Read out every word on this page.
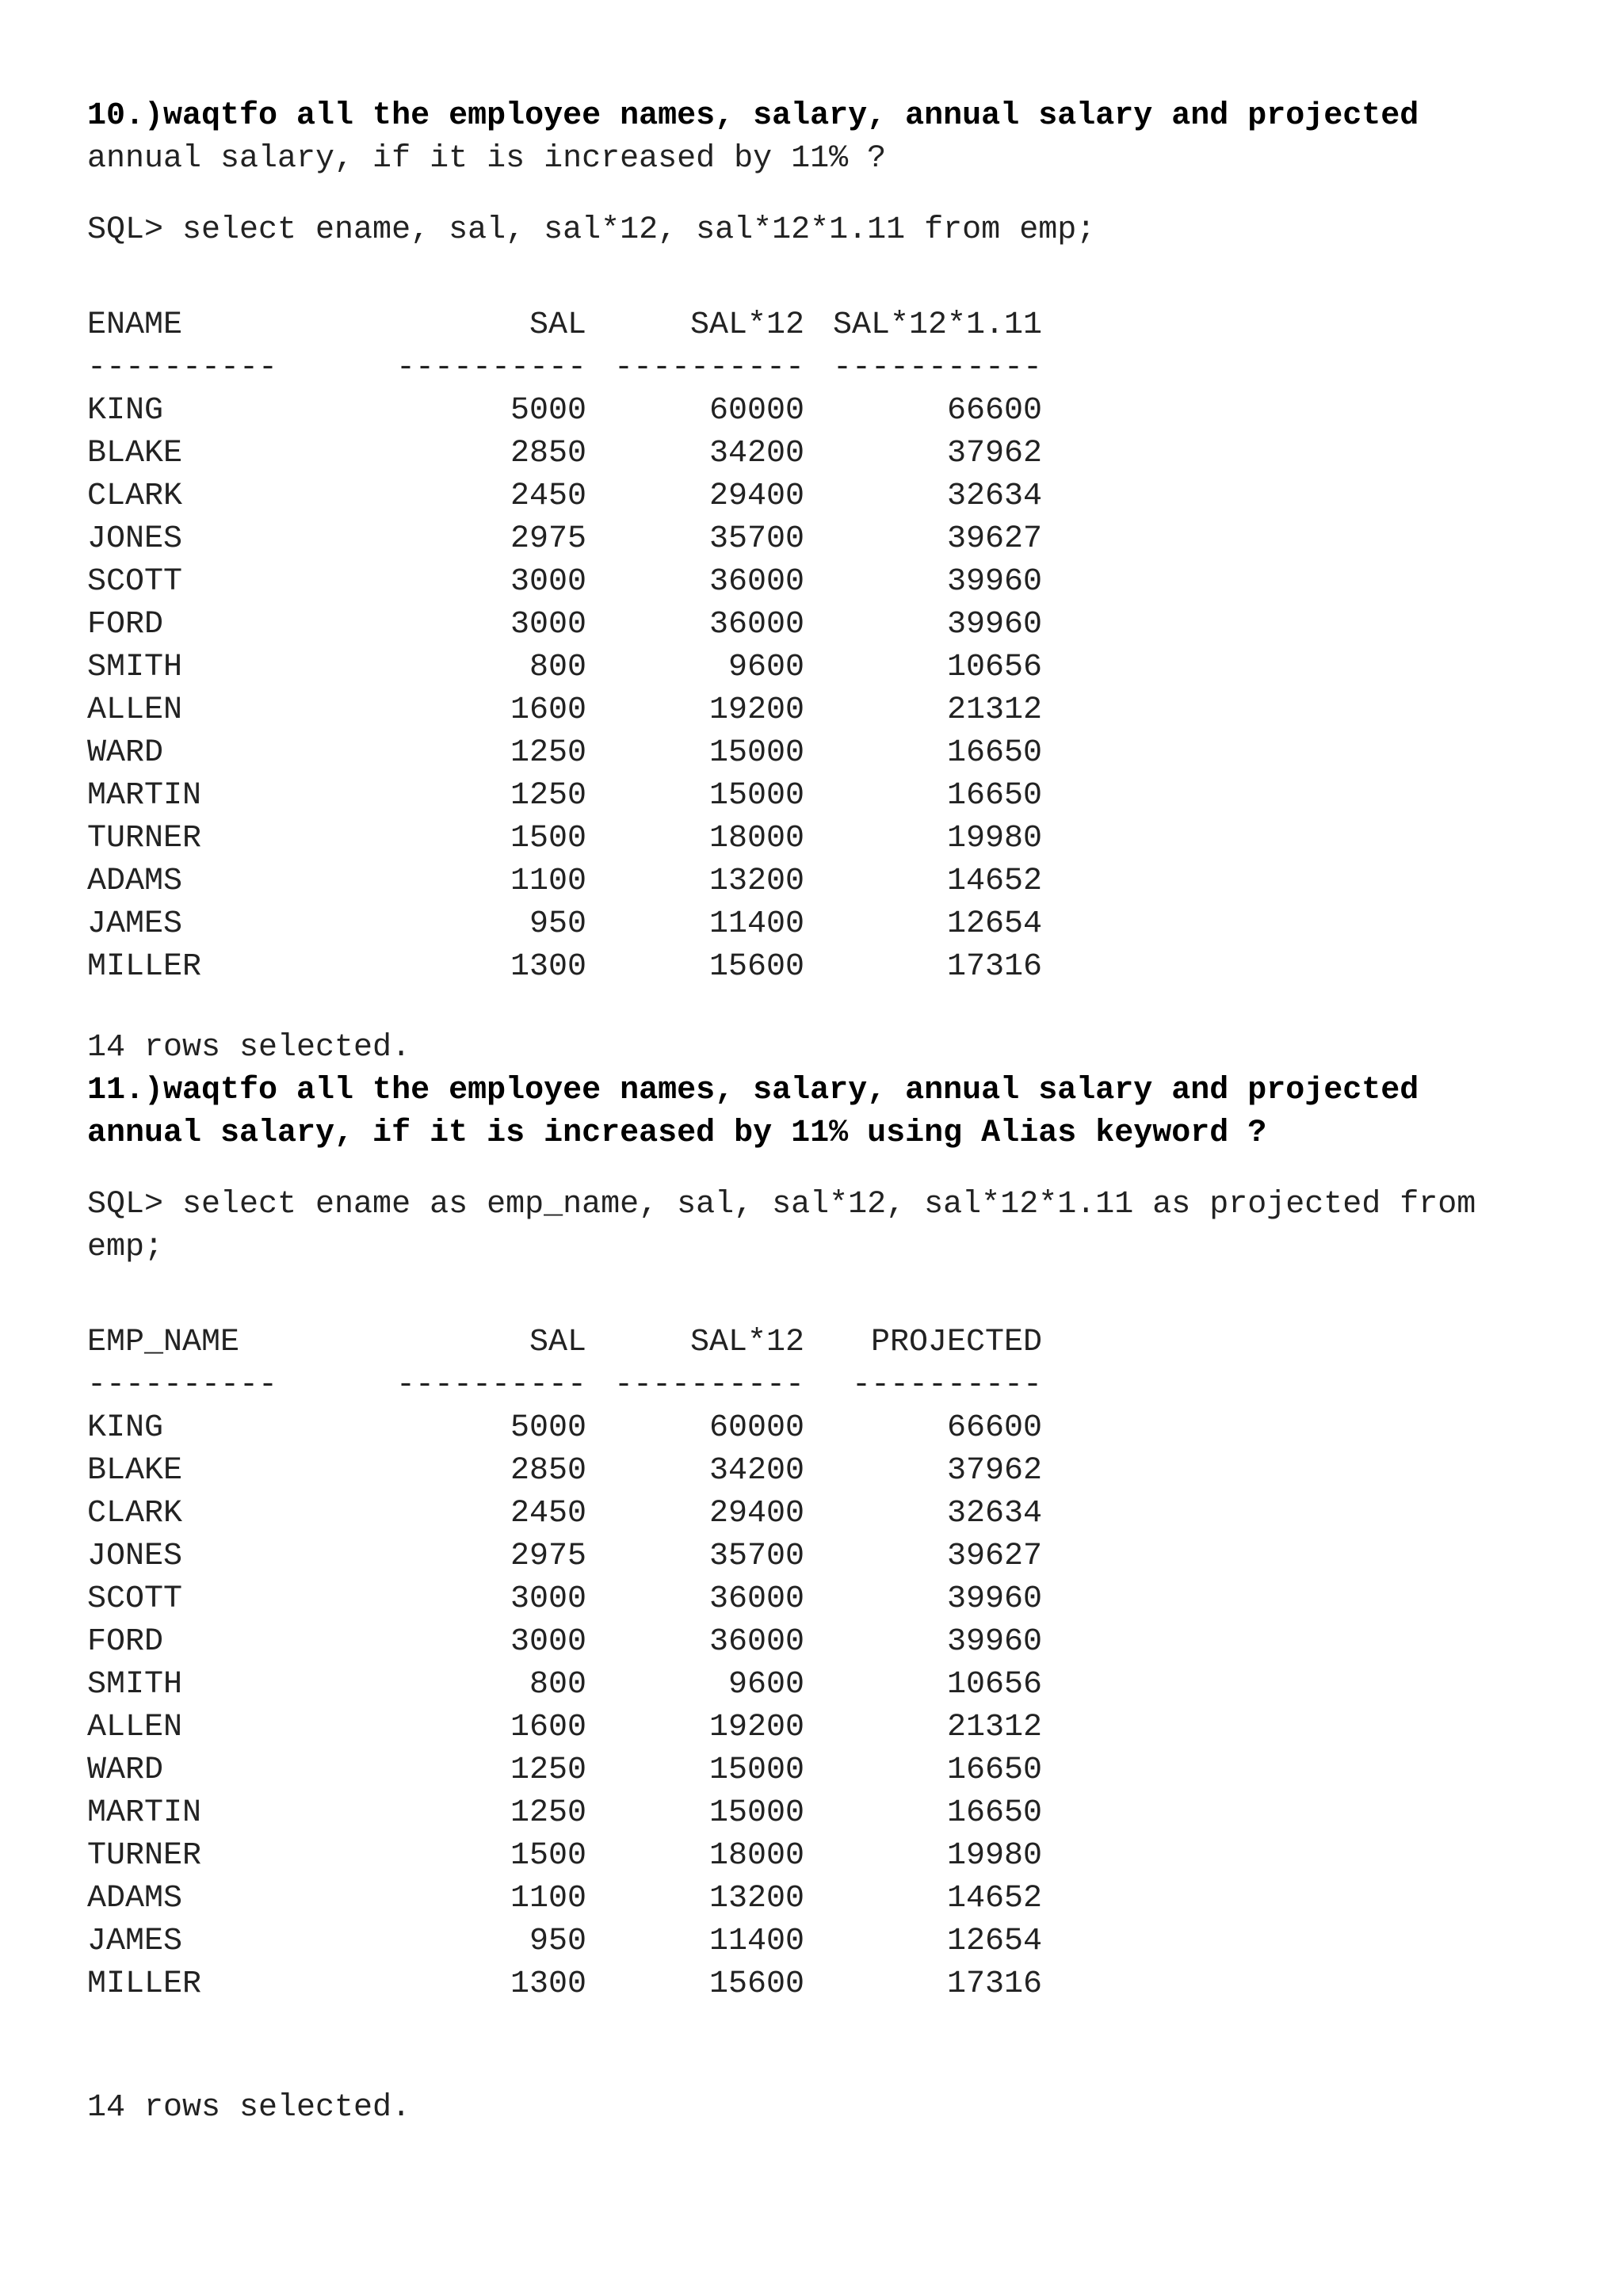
10.)waqtfo all the employee names, salary, annual salary and projected

annual salary, if it is increased by 11% ?

SQL> select ename, sal, sal*12, sal*12*1.11 from emp;

ENAME	SAL	SAL*12	SAL*12*1.11
----------	----------	----------	-----------
KING	5000	60000	66600
BLAKE	2850	34200	37962
CLARK	2450	29400	32634
JONES	2975	35700	39627
SCOTT	3000	36000	39960
FORD	3000	36000	39960
SMITH	800	9600	10656
ALLEN	1600	19200	21312
WARD	1250	15000	16650
MARTIN	1250	15000	16650
TURNER	1500	18000	19980
ADAMS	1100	13200	14652
JAMES	950	11400	12654
MILLER	1300	15600	17316

14 rows selected.

11.)waqtfo all the employee names, salary, annual salary and projected

annual salary, if it is increased by 11% using Alias keyword ?

SQL> select ename as emp_name, sal, sal*12, sal*12*1.11 as projected from

emp;

EMP_NAME	SAL	SAL*12	PROJECTED
----------	----------	----------	----------
KING	5000	60000	66600
BLAKE	2850	34200	37962
CLARK	2450	29400	32634
JONES	2975	35700	39627
SCOTT	3000	36000	39960
FORD	3000	36000	39960
SMITH	800	9600	10656
ALLEN	1600	19200	21312
WARD	1250	15000	16650
MARTIN	1250	15000	16650
TURNER	1500	18000	19980
ADAMS	1100	13200	14652
JAMES	950	11400	12654
MILLER	1300	15600	17316

14 rows selected.
